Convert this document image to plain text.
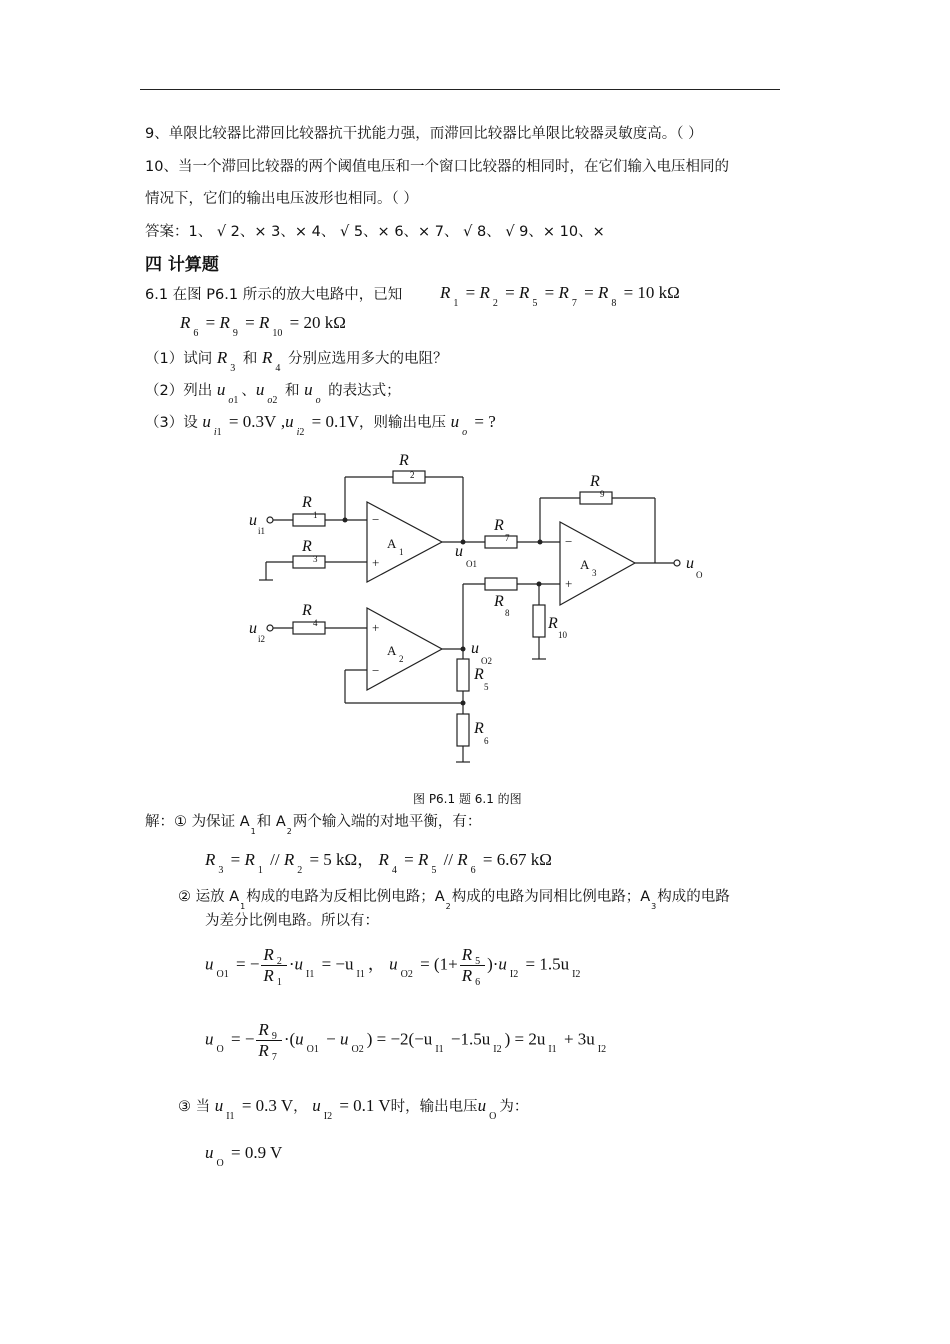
9、单限比较器比滞回比较器抗干扰能力强，而滞回比较器比单限比较器灵敏度高。（ ）
10、当一个滞回比较器的两个阈值电压和一个窗口比较器的相同时，在它们输入电压相同的
情况下，它们的输出电压波形也相同。（ ）
答案：1、 √ 2、× 3、× 4、 √ 5、× 6、× 7、 √ 8、 √ 9、× 10、×
四 计算题
6.1 在图 P6.1 所示的放大电路中，已知 $R_1 = R_2 = R_5 = R_7 = R_8 = 10$ kΩ
$R_6 = R_9 = R_{10} = 20$ kΩ
（1）试问 $R_3$ 和 $R_4$ 分别应选用多大的电阻？
（2）列出 $u_{o1}$、$u_{o2}$ 和 $u_o$ 的表达式；
（3）设 $u_{i1} = 0.3V$ $,u_{i2} = 0.1V$，则输出电压 $u_o$ = ?
R
R
R
R
R
R
R
R
R
R
u
u
u
u
u
1
2
3
4
5
6
7
8
9
10
i1
i2
O1
O2
O
1
2
3
A
A
A
−
+
+
−
−
+
图 P6.1 题 6.1 的图
解：① 为保证 $A_1$和 $A_2$两个输入端的对地平衡，有：
$R_3 = R_1 // R_2 = 5$ kΩ， $R_4 = R_5 // R_6 = 6.67$ kΩ
② 运放 $A_1$构成的电路为反相比例电路；$A_2$构成的电路为同相比例电路；$A_3$构成的电路
为差分比例电路。所以有：
$u_{O1}$ = − $\frac{R _2}{R _1} \cdot u_{I1} = -u_{I1}$， $u_{O2} = (1+ \frac{R _5}{R _6} )\cdot u_{I2} = 1.5u_{I2}$
$u_O$ = − $\frac{R _9}{R _7} \cdot(u_{O1} - u_{O2}) = -2(-u_{I1} -1.5u_{I2}) = 2u_{I1} + 3u_{I2}$
③ 当 $u_{I1} = 0.3$ V， $u_{I2} = 0.1$ V时，输出电压$u_O$为：
$u_O = 0.9$ V
